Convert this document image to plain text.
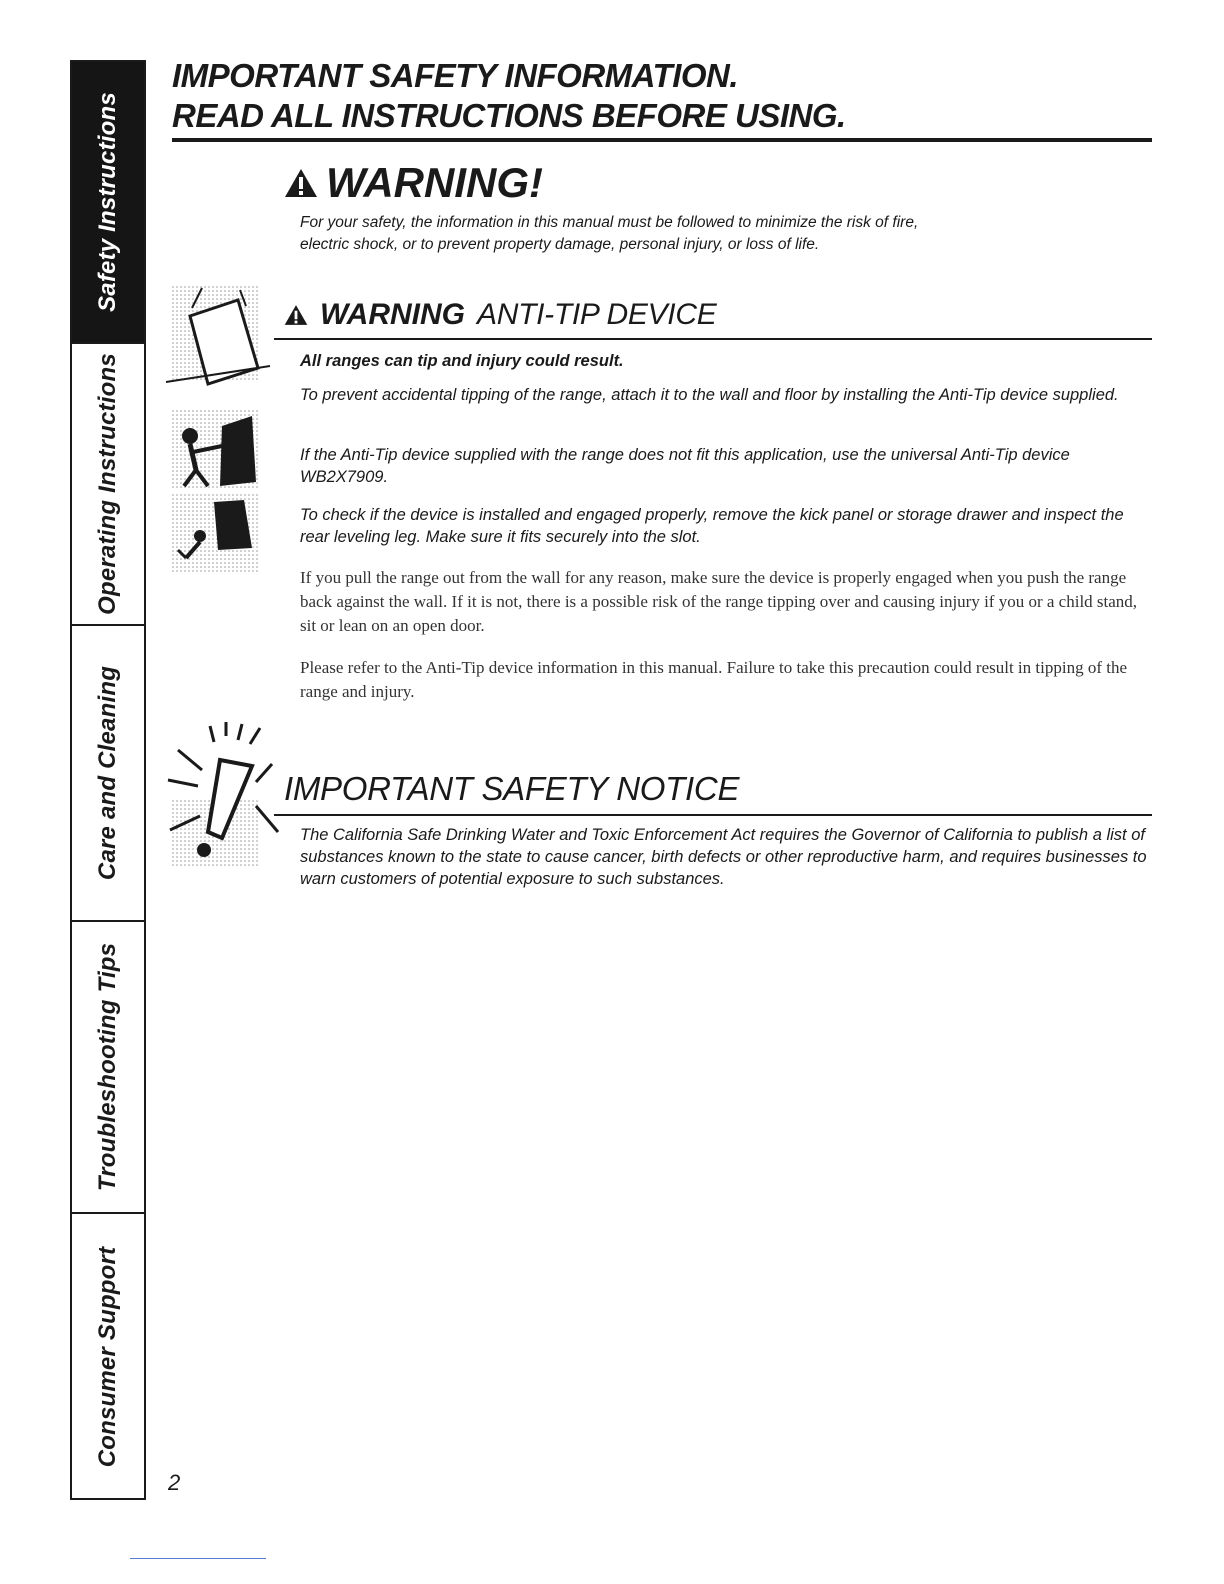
Safety Instructions
Operating Instructions
Care and Cleaning
Troubleshooting Tips
Consumer Support
IMPORTANT SAFETY INFORMATION.
READ ALL INSTRUCTIONS BEFORE USING.
WARNING!
For your safety, the information in this manual must be followed to minimize the risk of fire,
electric shock, or to prevent property damage, personal injury, or loss of life.
WARNING ANTI-TIP DEVICE
All ranges can tip and injury could result.
To prevent accidental tipping of the range, attach it to the wall and floor by installing the Anti-Tip device supplied.
If the Anti-Tip device supplied with the range does not fit this application, use the universal Anti-Tip device WB2X7909.
To check if the device is installed and engaged properly, remove the kick panel or storage drawer and inspect the rear leveling leg. Make sure it fits securely into the slot.
If you pull the range out from the wall for any reason, make sure the device is properly engaged when you push the range back against the wall. If it is not, there is a possible risk of the range tipping over and causing injury if you or a child stand, sit or lean on an open door.
Please refer to the Anti-Tip device information in this manual. Failure to take this precaution could result in tipping of the range and injury.
IMPORTANT SAFETY NOTICE
The California Safe Drinking Water and Toxic Enforcement Act requires the Governor of California to publish a list of substances known to the state to cause cancer, birth defects or other reproductive harm, and requires businesses to warn customers of potential exposure to such substances.
2
